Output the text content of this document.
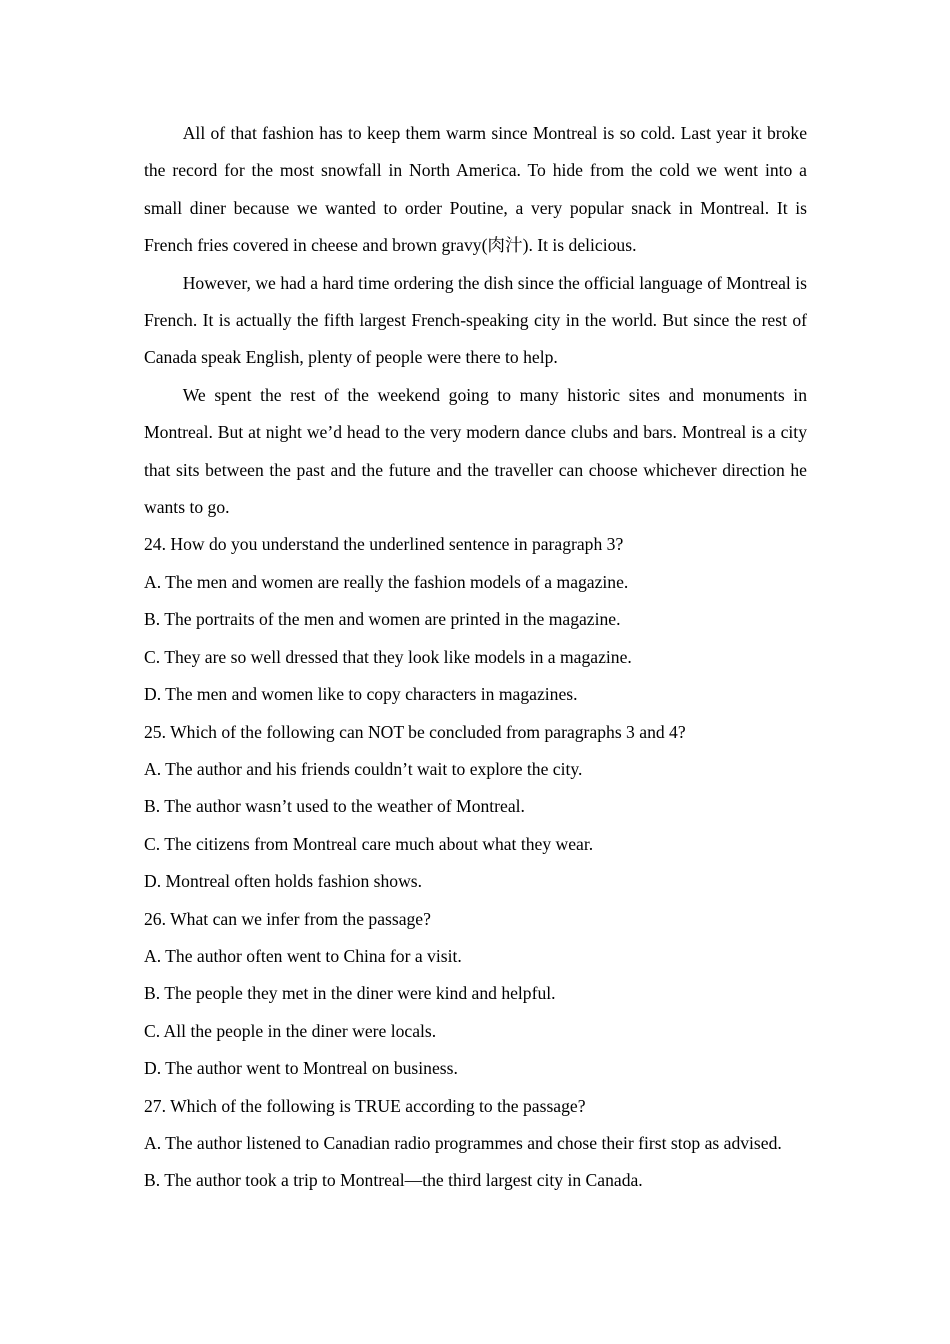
All of that fashion has to keep them warm since Montreal is so cold. Last year it broke the record for the most snowfall in North America. To hide from the cold we went into a small diner because we wanted to order Poutine, a very popular snack in Montreal. It is French fries covered in cheese and brown gravy(肉汁). It is delicious.

However, we had a hard time ordering the dish since the official language of Montreal is French. It is actually the fifth largest French-speaking city in the world. But since the rest of Canada speak English, plenty of people were there to help.

We spent the rest of the weekend going to many historic sites and monuments in Montreal. But at night we’d head to the very modern dance clubs and bars. Montreal is a city that sits between the past and the future and the traveller can choose whichever direction he wants to go.

24. How do you understand the underlined sentence in paragraph 3?

A. The men and women are really the fashion models of a magazine.

B. The portraits of the men and women are printed in the magazine.

C. They are so well dressed that they look like models in a magazine.

D. The men and women like to copy characters in magazines.

25. Which of the following can NOT be concluded from paragraphs 3 and 4?

A. The author and his friends couldn’t wait to explore the city.

B. The author wasn’t used to the weather of Montreal.

C. The citizens from Montreal care much about what they wear.

D. Montreal often holds fashion shows.

26. What can we infer from the passage?

A. The author often went to China for a visit.

B. The people they met in the diner were kind and helpful.

C. All the people in the diner were locals.

D. The author went to Montreal on business.

27. Which of the following is TRUE according to the passage?

A. The author listened to Canadian radio programmes and chose their first stop as advised.

B. The author took a trip to Montreal—the third largest city in Canada.
